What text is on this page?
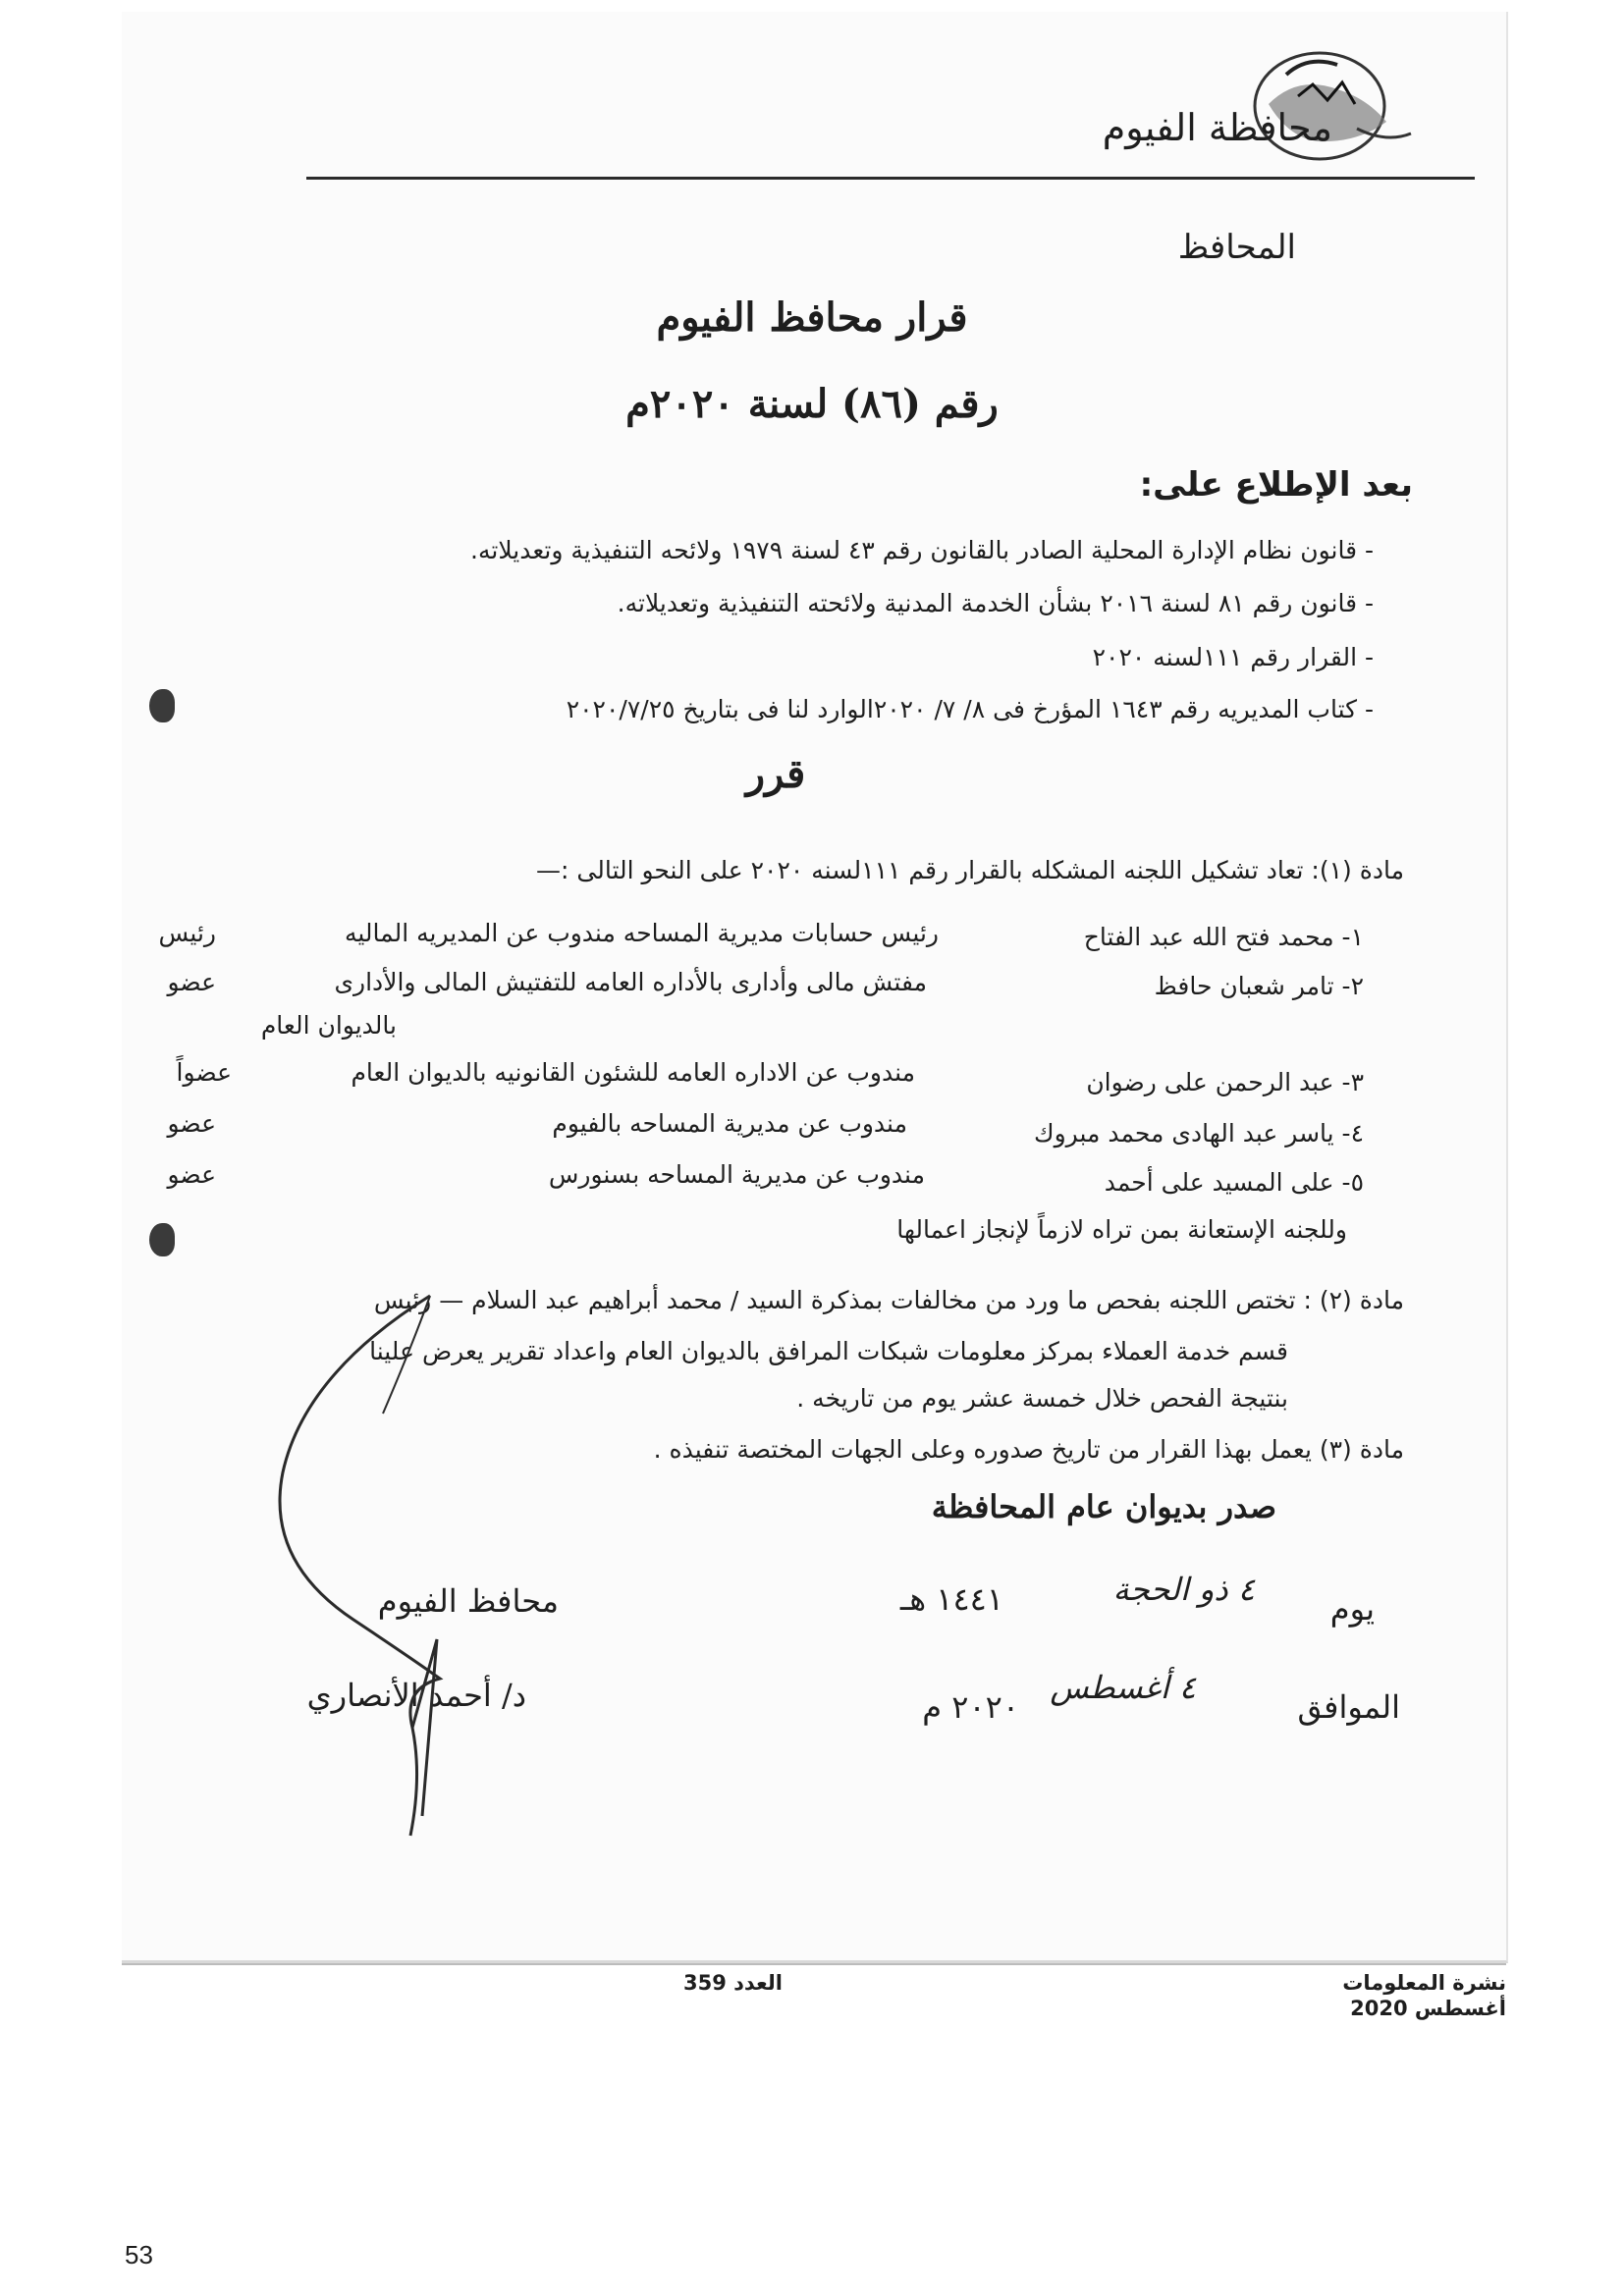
محافظة الفيوم
المحافظ
قرار محافظ الفيوم
رقم (٨٦) لسنة ٢٠٢٠م
بعد الإطلاع على:
- قانون نظام الإدارة المحلية الصادر بالقانون رقم ٤٣ لسنة ١٩٧٩ ولائحه التنفيذية وتعديلاته.
- قانون رقم ٨١ لسنة ٢٠١٦ بشأن الخدمة المدنية ولائحته التنفيذية وتعديلاته.
- القرار رقم ١١١لسنه ٢٠٢٠
- كتاب المديريه رقم ١٦٤٣ المؤرخ فى ٨/ ٧/ ٢٠٢٠الوارد لنا فى بتاريخ ٢٠٢٠/٧/٢٥
قرر
مادة (١): تعاد تشكيل اللجنه المشكله بالقرار رقم ١١١لسنه ٢٠٢٠ على النحو التالى :—
١- محمد فتح الله عبد الفتاح
رئيس حسابات مديرية المساحه مندوب عن المديريه الماليه
رئيس
٢- تامر شعبان حافظ
مفتش مالى وأدارى بالأداره العامه للتفتيش المالى والأدارى
بالديوان العام
عضو
٣- عبد الرحمن على رضوان
مندوب عن الاداره العامه للشئون القانونيه بالديوان العام
عضواً
٤- ياسر عبد الهادى محمد مبروك
مندوب عن مديرية المساحه بالفيوم
عضو
٥- على المسيد على أحمد
مندوب عن مديرية المساحه بسنورس
عضو
وللجنه الإستعانة بمن تراه لازماً لإنجاز اعمالها
مادة (٢) : تختص اللجنه بفحص ما ورد من مخالفات بمذكرة السيد / محمد أبراهيم عبد السلام — رئيس
قسم خدمة العملاء بمركز معلومات شبكات المرافق بالديوان العام واعداد تقرير يعرض علينا
بنتيجة الفحص خلال خمسة عشر يوم من تاريخه .
مادة (٣) يعمل بهذا القرار من تاريخ صدوره وعلى الجهات المختصة تنفيذه .
صدر بديوان عام المحافظة
يوم
٤ ذو الحجة
١٤٤١ هـ
الموافق
٤ أغسطس
٢٠٢٠ م
محافظ الفيوم
د/ أحمد الأنصاري
العدد 359	نشرة المعلومات
أغسطس 2020
53
